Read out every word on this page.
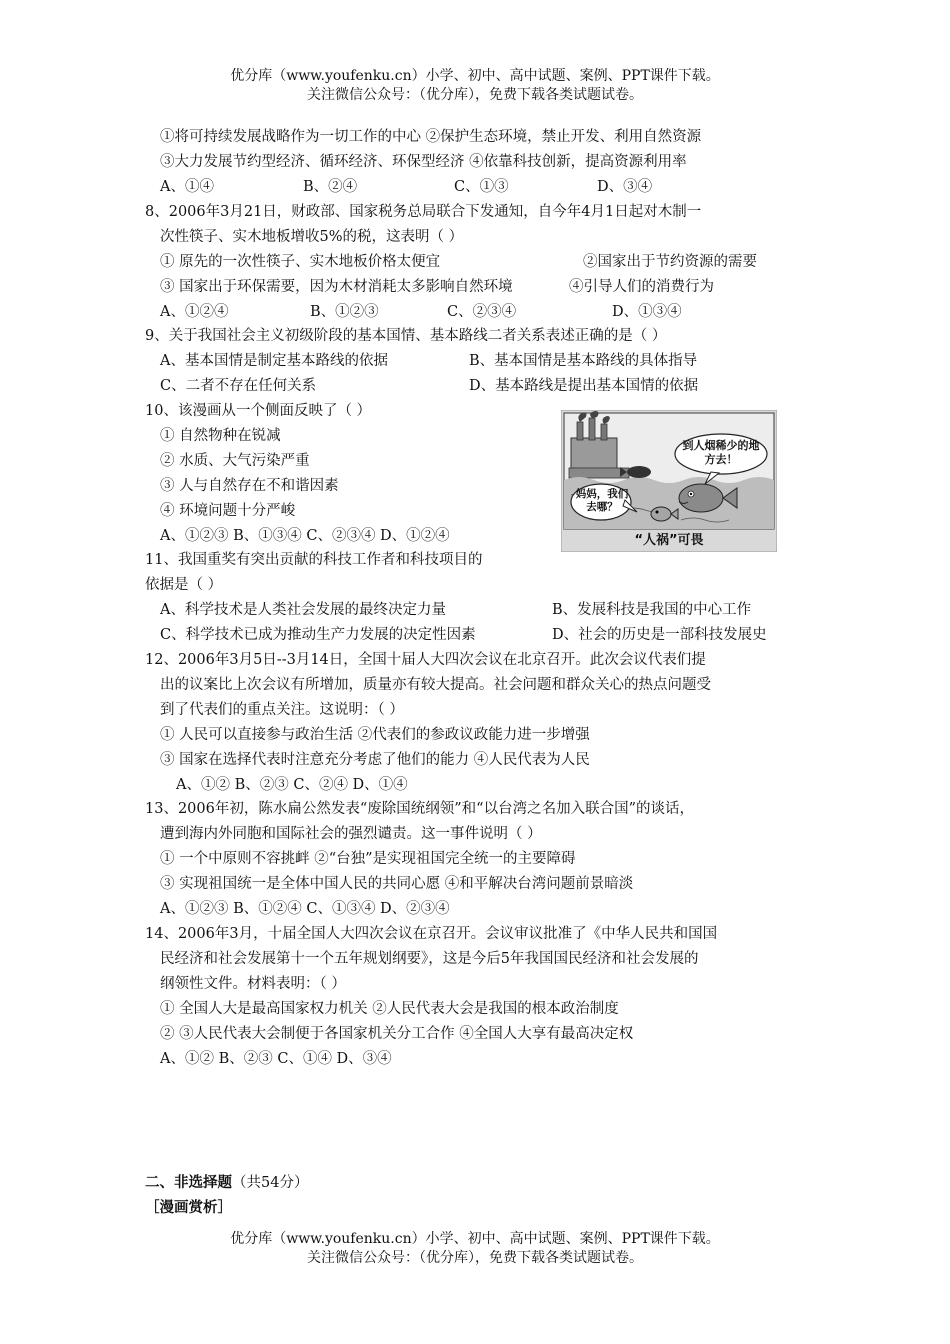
优分库（www.youfenku.cn）小学、初中、高中试题、案例、PPT课件下载。
关注微信公众号：（优分库），免费下载各类试题试卷。
①将可持续发展战略作为一切工作的中心 ②保护生态环境，禁止开发、利用自然资源
③大力发展节约型经济、循环经济、环保型经济 ④依靠科技创新，提高资源利用率
A、①④	B、②④	C、①③	D、③④
8、2006年3月21日，财政部、国家税务总局联合下发通知，自今年4月1日起对木制一
次性筷子、实木地板增收5%的税，这表明（ ）
① 原先的一次性筷子、实木地板价格太便宜	②国家出于节约资源的需要
③ 国家出于环保需要，因为木材消耗太多影响自然环境	④引导人们的消费行为
A、①②④	B、①②③	C、②③④	D、①③④
9、关于我国社会主义初级阶段的基本国情、基本路线二者关系表述正确的是（ ）
A、基本国情是制定基本路线的依据	B、基本国情是基本路线的具体指导
C、二者不存在任何关系	D、基本路线是提出基本国情的依据
10、该漫画从一个侧面反映了（ ）
① 自然物种在锐减
② 水质、大气污染严重
③ 人与自然存在不和谐因素
④ 环境问题十分严峻
A、①②③ B、①③④ C、②③④ D、①②④
到人烟稀少的地方去！
妈妈，我们去哪？
“人祸”可畏
11、我国重奖有突出贡献的科技工作者和科技项目的
依据是（ ）
A、科学技术是人类社会发展的最终决定力量	B、发展科技是我国的中心工作
C、科学技术已成为推动生产力发展的决定性因素	D、社会的历史是一部科技发展史
12、2006年3月5日--3月14日，全国十届人大四次会议在北京召开。此次会议代表们提
出的议案比上次会议有所增加，质量亦有较大提高。社会问题和群众关心的热点问题受
到了代表们的重点关注。这说明：（ ）
① 人民可以直接参与政治生活 ②代表们的参政议政能力进一步增强
③ 国家在选择代表时注意充分考虑了他们的能力 ④人民代表为人民
A、①② B、②③ C、②④ D、①④
13、2006年初，陈水扁公然发表“废除国统纲领”和“以台湾之名加入联合国”的谈话，
遭到海内外同胞和国际社会的强烈谴责。这一事件说明（ ）
① 一个中原则不容挑衅 ②“台独”是实现祖国完全统一的主要障碍
③ 实现祖国统一是全体中国人民的共同心愿 ④和平解决台湾问题前景暗淡
A、①②③ B、①②④ C、①③④ D、②③④
14、2006年3月，十届全国人大四次会议在京召开。会议审议批准了《中华人民共和国国
民经济和社会发展第十一个五年规划纲要》，这是今后5年我国国民经济和社会发展的
纲领性文件。材料表明：（ ）
① 全国人大是最高国家权力机关 ②人民代表大会是我国的根本政治制度
② ③人民代表大会制便于各国家机关分工合作 ④全国人大享有最高决定权
A、①② B、②③ C、①④ D、③④
二、非选择题（共54分）
［漫画赏析］
优分库（www.youfenku.cn）小学、初中、高中试题、案例、PPT课件下载。
关注微信公众号：（优分库），免费下载各类试题试卷。
